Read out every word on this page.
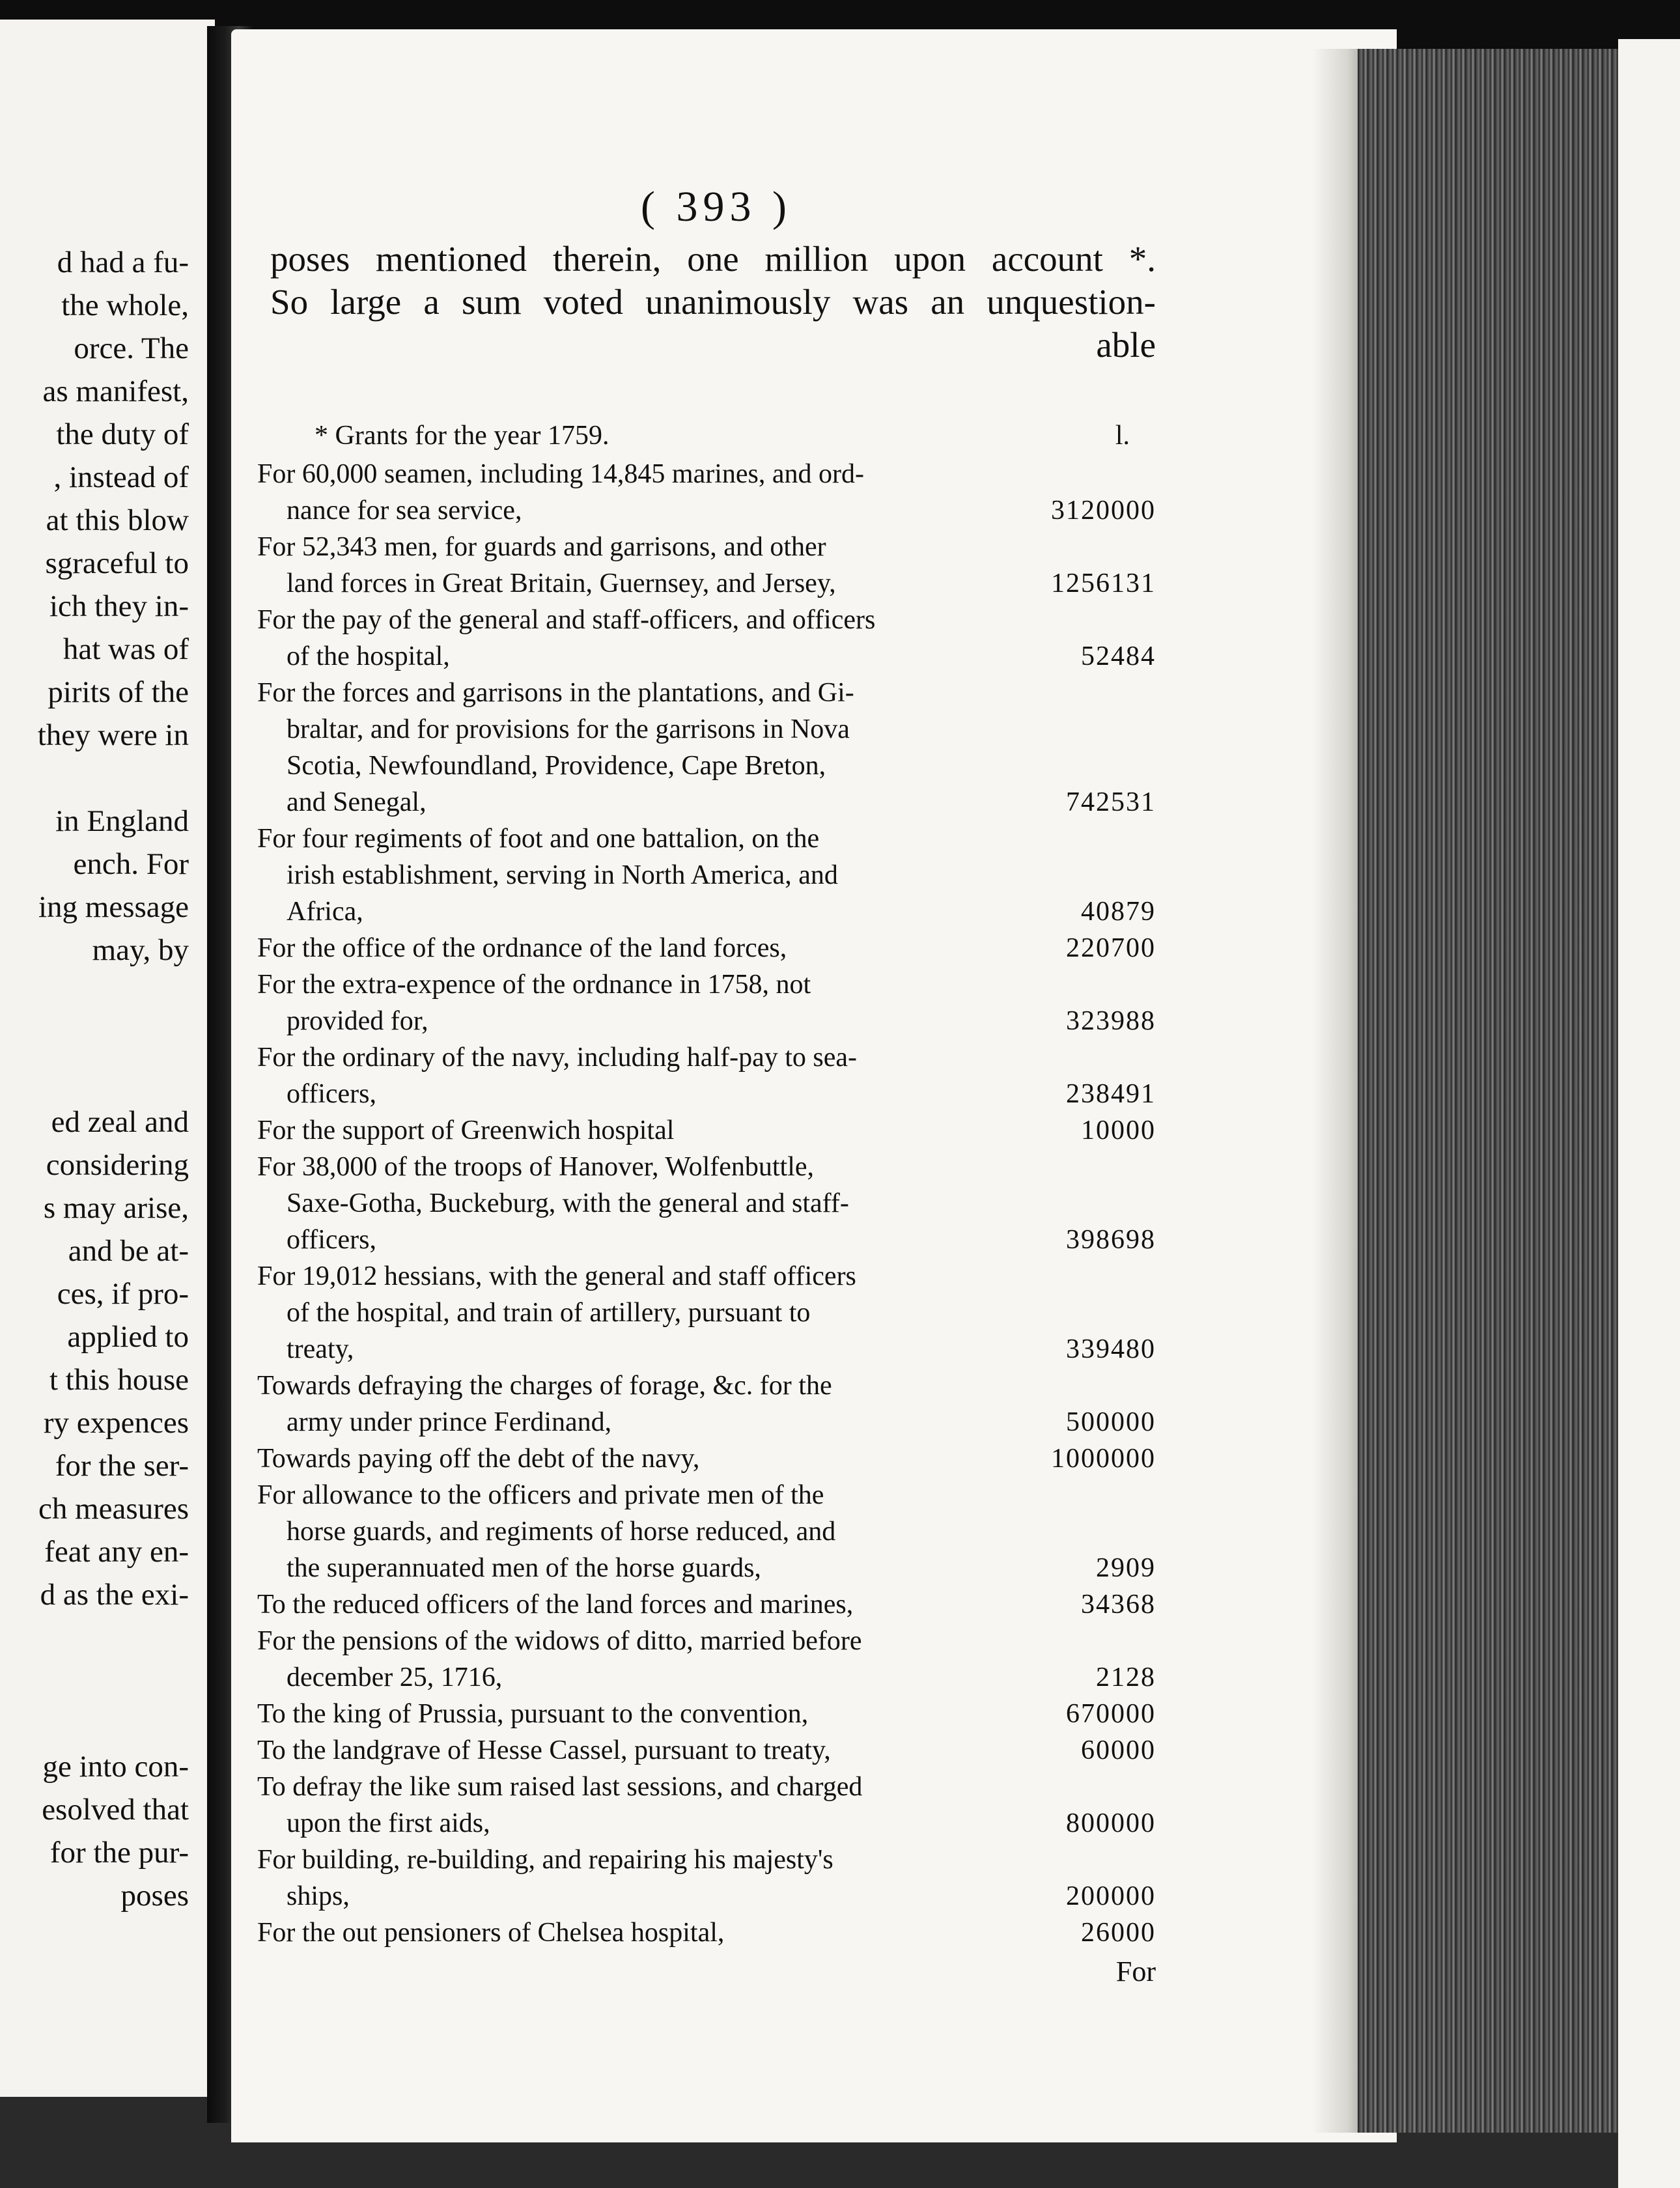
d had a fu-
the whole,
orce. The
as manifest,
the duty of
, instead of
at this blow
sgraceful to
ich they in-
hat was of
pirits of the
they were in
in England
ench. For
ing message
may, by
ed zeal and
considering
s may arise,
and be at-
ces, if pro-
applied to
t this house
ry expences
for the ser-
ch measures
feat any en-
d as the exi-
ge into con-
esolved that
for the pur-
poses
( 393 )
poses mentioned therein, one million upon account *.
So large a sum voted unanimously was an unquestion-
able
* Grants for the year 1759.	l.
For 60,000 seamen, including 14,845 marines, and ord-
nance for sea service,	3120000
For 52,343 men, for guards and garrisons, and other
land forces in Great Britain, Guernsey, and Jersey,	1256131
For the pay of the general and staff-officers, and officers
of the hospital,	52484
For the forces and garrisons in the plantations, and Gi-
braltar, and for provisions for the garrisons in Nova
Scotia, Newfoundland, Providence, Cape Breton,
and Senegal,	742531
For four regiments of foot and one battalion, on the
irish establishment, serving in North America, and
Africa,	40879
For the office of the ordnance of the land forces,	220700
For the extra-expence of the ordnance in 1758, not
provided for,	323988
For the ordinary of the navy, including half-pay to sea-
officers,	238491
For the support of Greenwich hospital	10000
For 38,000 of the troops of Hanover, Wolfenbuttle,
Saxe-Gotha, Buckeburg, with the general and staff-
officers,	398698
For 19,012 hessians, with the general and staff officers
of the hospital, and train of artillery, pursuant to
treaty,	339480
Towards defraying the charges of forage, &c. for the
army under prince Ferdinand,	500000
Towards paying off the debt of the navy,	1000000
For allowance to the officers and private men of the
horse guards, and regiments of horse reduced, and
the superannuated men of the horse guards,	2909
To the reduced officers of the land forces and marines,	34368
For the pensions of the widows of ditto, married before
december 25, 1716,	2128
To the king of Prussia, pursuant to the convention,	670000
To the landgrave of Hesse Cassel, pursuant to treaty,	60000
To defray the like sum raised last sessions, and charged
upon the first aids,	800000
For building, re-building, and repairing his majesty's
ships,	200000
For the out pensioners of Chelsea hospital,	26000
For
